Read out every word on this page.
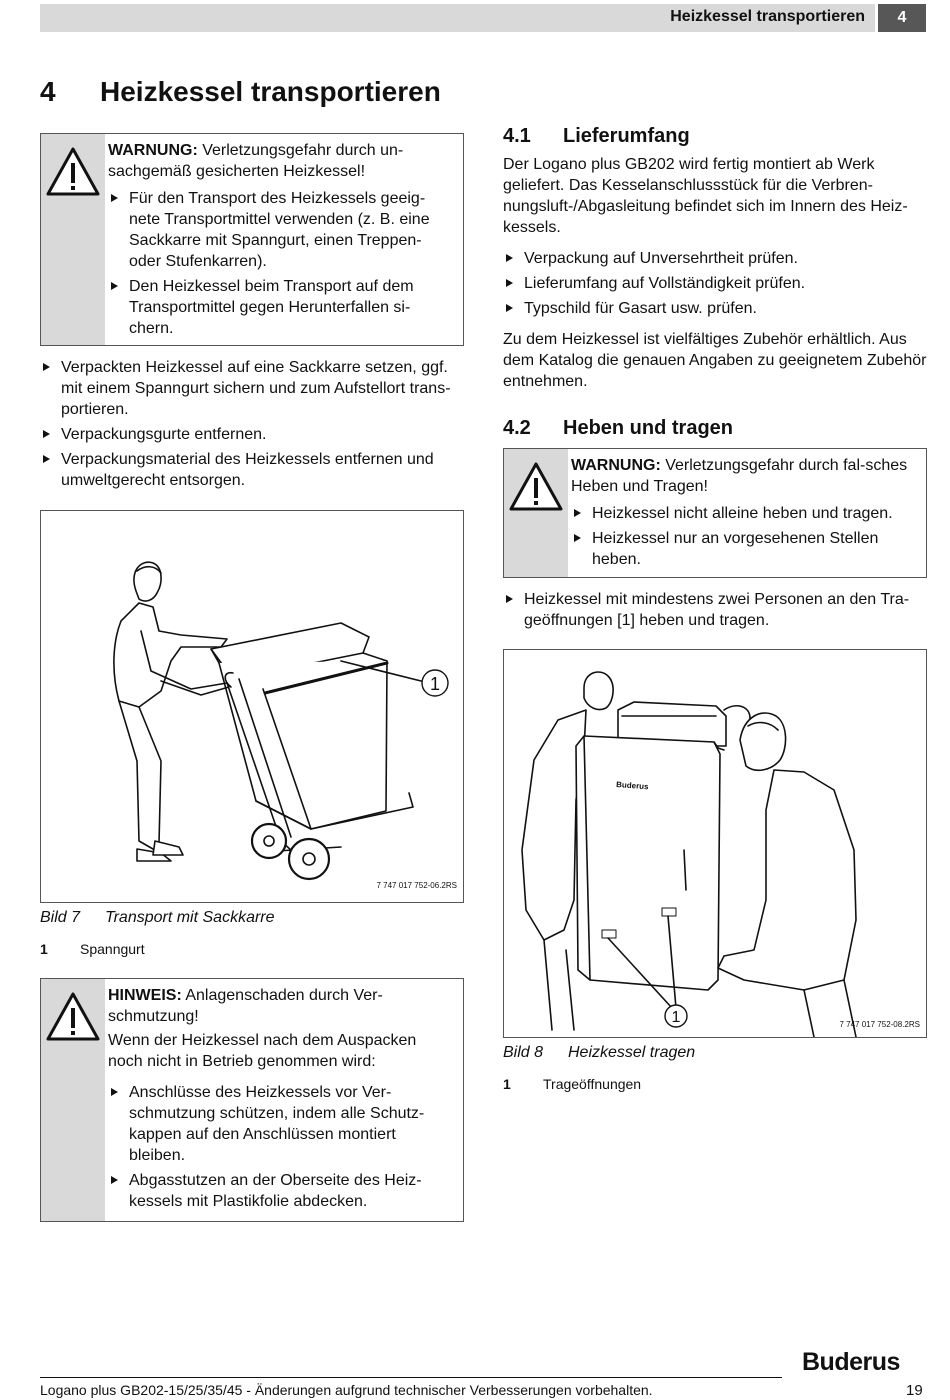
Heizkessel transportieren	4
4 Heizkessel transportieren

WARNUNG: Verletzungsgefahr durch un-sachgemäß gesicherten Heizkessel!

Für den Transport des Heizkessels geeig-nete Transportmittel verwenden (z. B. eine Sackkarre mit Spanngurt, einen Treppen- oder Stufenkarren).
Den Heizkessel beim Transport auf dem Transportmittel gegen Herunterfallen si-chern.
Verpackten Heizkessel auf eine Sackkarre setzen, ggf. mit einem Spanngurt sichern und zum Aufstellort trans-portieren.
Verpackungsgurte entfernen.
Verpackungsmaterial des Heizkessels entfernen und umweltgerecht entsorgen.
1
7 747 017 752-06.2RS
Bild 7 Transport mit Sackkarre
1 Spanngurt

HINWEIS: Anlagenschaden durch Ver-schmutzung!

Wenn der Heizkessel nach dem Auspacken noch nicht in Betrieb genommen wird:

Anschlüsse des Heizkessels vor Ver-schmutzung schützen, indem alle Schutz-kappen auf den Anschlüssen montiert bleiben.
Abgasstutzen an der Oberseite des Heiz-kessels mit Plastikfolie abdecken.
4.1 Lieferumfang
Der Logano plus GB202 wird fertig montiert ab Werk geliefert. Das Kesselanschlussstück für die Verbren-nungsluft-/Abgasleitung befindet sich im Innern des Heiz-kessels.
Verpackung auf Unversehrtheit prüfen.
Lieferumfang auf Vollständigkeit prüfen.
Typschild für Gasart usw. prüfen.
Zu dem Heizkessel ist vielfältiges Zubehör erhältlich. Aus dem Katalog die genauen Angaben zu geeignetem Zubehör entnehmen.
4.2 Heben und tragen

WARNUNG: Verletzungsgefahr durch fal-sches Heben und Tragen!

Heizkessel nicht alleine heben und tragen.
Heizkessel nur an vorgesehenen Stellen heben.
Heizkessel mit mindestens zwei Personen an den Tra-geöffnungen [1] heben und tragen.
Buderus
1	7 747 017 752-08.2RS
Bild 8 Heizkessel tragen
1 Trageöffnungen
Buderus
Logano plus GB202-15/25/35/45 - Änderungen aufgrund technischer Verbesserungen vorbehalten.	19
